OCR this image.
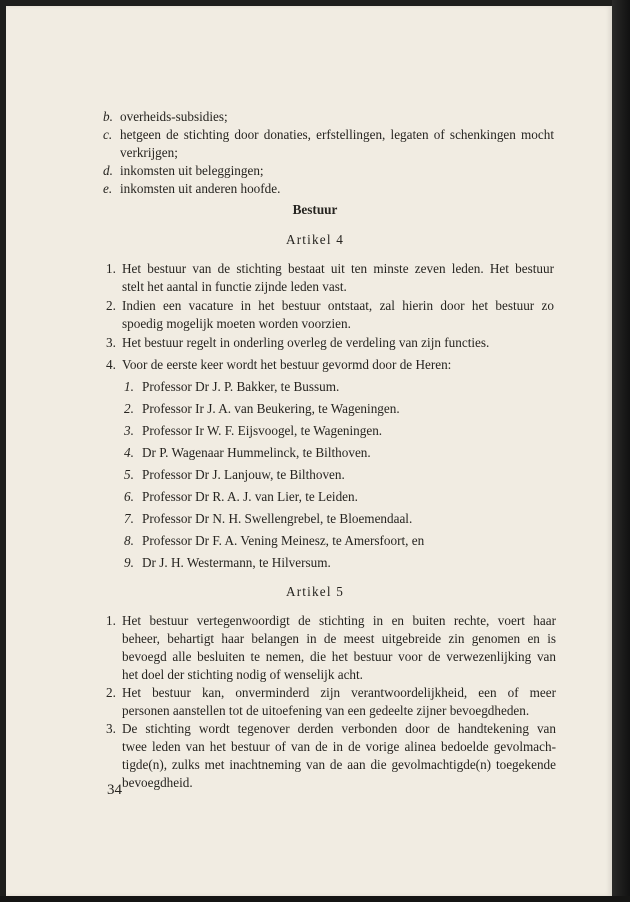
b. overheids-subsidies;
c. hetgeen de stichting door donaties, erfstellingen, legaten of schenkingen mocht
verkrijgen;
d. inkomsten uit beleggingen;
e. inkomsten uit anderen hoofde.
Bestuur
Artikel 4
1. Het bestuur van de stichting bestaat uit ten minste zeven leden. Het bestuur
stelt het aantal in functie zijnde leden vast.
2. Indien een vacature in het bestuur ontstaat, zal hierin door het bestuur zo
spoedig mogelijk moeten worden voorzien.
3. Het bestuur regelt in onderling overleg de verdeling van zijn functies.
4. Voor de eerste keer wordt het bestuur gevormd door de Heren:
1. Professor Dr J. P. Bakker, te Bussum.
2. Professor Ir J. A. van Beukering, te Wageningen.
3. Professor Ir W. F. Eijsvoogel, te Wageningen.
4. Dr P. Wagenaar Hummelinck, te Bilthoven.
5. Professor Dr J. Lanjouw, te Bilthoven.
6. Professor Dr R. A. J. van Lier, te Leiden.
7. Professor Dr N. H. Swellengrebel, te Bloemendaal.
8. Professor Dr F. A. Vening Meinesz, te Amersfoort, en
9. Dr J. H. Westermann, te Hilversum.
Artikel 5
1. Het bestuur vertegenwoordigt de stichting in en buiten rechte, voert haar
beheer, behartigt haar belangen in de meest uitgebreide zin genomen en is
bevoegd alle besluiten te nemen, die het bestuur voor de verwezenlijking van
het doel der stichting nodig of wenselijk acht.
2. Het bestuur kan, onverminderd zijn verantwoordelijkheid, een of meer
personen aanstellen tot de uitoefening van een gedeelte zijner bevoegdheden.
3. De stichting wordt tegenover derden verbonden door de handtekening van
twee leden van het bestuur of van de in de vorige alinea bedoelde gevolmach-
tigde(n), zulks met inachtneming van de aan die gevolmachtigde(n) toegekende
bevoegdheid.
34
